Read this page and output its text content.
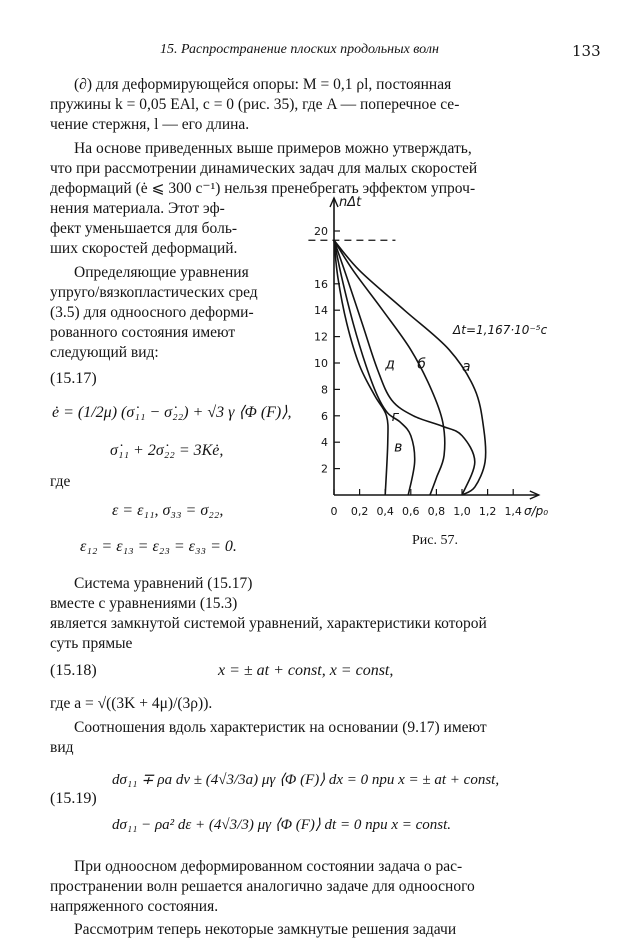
15. Распространение плоских продольных волн	133
(∂) для деформирующейся опоры: M = 0,1 ρl, постоянная
пружины k = 0,05 EAl, c = 0 (рис. 35), где A — поперечное се-
чение стержня, l — его длина.
На основе приведенных выше примеров можно утверждать,
что при рассмотрении динамических задач для малых скоростей
деформаций (ė ⩽ 300 с⁻¹) нельзя пренебрегать эффектом упроч-
нения материала. Этот эф-
фект уменьшается для боль-
ших скоростей деформаций.
Определяющие уравнения
упруго/вязкопластических сред
(3.5) для одноосного деформи-
рованного состояния имеют
следующий вид:
(15.17)
ė = (1/2μ) (σ̇₁₁ − σ̇₂₂) + √3 γ ⟨Φ (F)⟩,
σ̇₁₁ + 2σ̇₂₂ = 3Kė,
где
ε = ε₁₁, σ₃₃ = σ₂₂,
ε₁₂ = ε₁₃ = ε₂₃ = ε₃₃ = 0.
Система уравнений (15.17)
вместе с уравнениями (15.3)
является замкнутой системой уравнений, характеристики которой
суть прямые
(15.18)	x = ± at + const, x = const,
где a = √((3K + 4μ)/(3ρ)).
Соотношения вдоль характеристик на основании (9.17) имеют
вид
dσ₁₁ ∓ ρa dv ± (4√3/3a) μγ ⟨Φ (F)⟩ dx = 0 при x = ± at + const,
(15.19)
dσ₁₁ − ρa² dε + (4√3/3) μγ ⟨Φ (F)⟩ dt = 0 при x = const.
При одноосном деформированном состоянии задача о рас-
пространении волн решается аналогично задаче для одноосного
напряженного состояния.
Рассмотрим теперь некоторые замкнутые решения задачи
2
4
6
8
10
12
14
16
20
0 0,2 0,4 0,6 0,8 1,0 1,2 1,4
nΔt
σ/p₀
Δt=1,167·10⁻⁵c
д б	а
г
в
Рис. 57.
